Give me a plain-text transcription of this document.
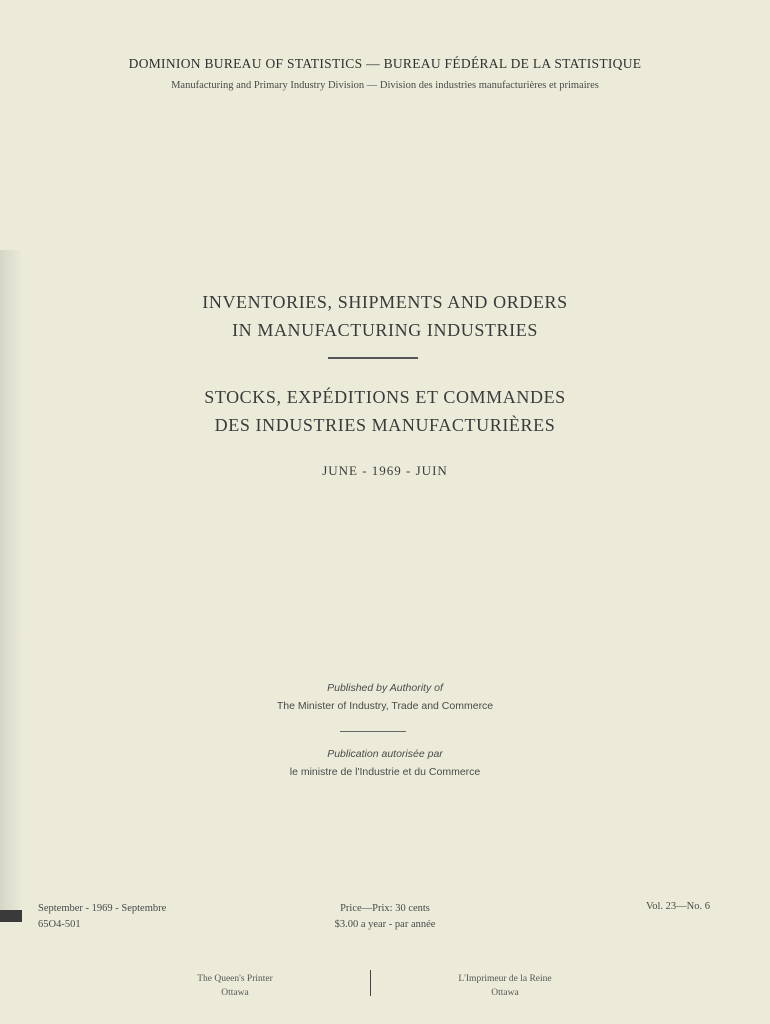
DOMINION BUREAU OF STATISTICS — BUREAU FÉDÉRAL DE LA STATISTIQUE
Manufacturing and Primary Industry Division — Division des industries manufacturières et primaires
INVENTORIES, SHIPMENTS AND ORDERS
IN MANUFACTURING INDUSTRIES
STOCKS, EXPÉDITIONS ET COMMANDES
DES INDUSTRIES MANUFACTURIÈRES
JUNE - 1969 - JUIN
Published by Authority of
The Minister of Industry, Trade and Commerce
Publication autorisée par
le ministre de l'Industrie et du Commerce
September - 1969 - Septembre
65O4-501
Price—Prix: 30 cents
$3.00 a year - par année
Vol. 23—No. 6
The Queen's Printer
Ottawa
L'Imprimeur de la Reine
Ottawa
